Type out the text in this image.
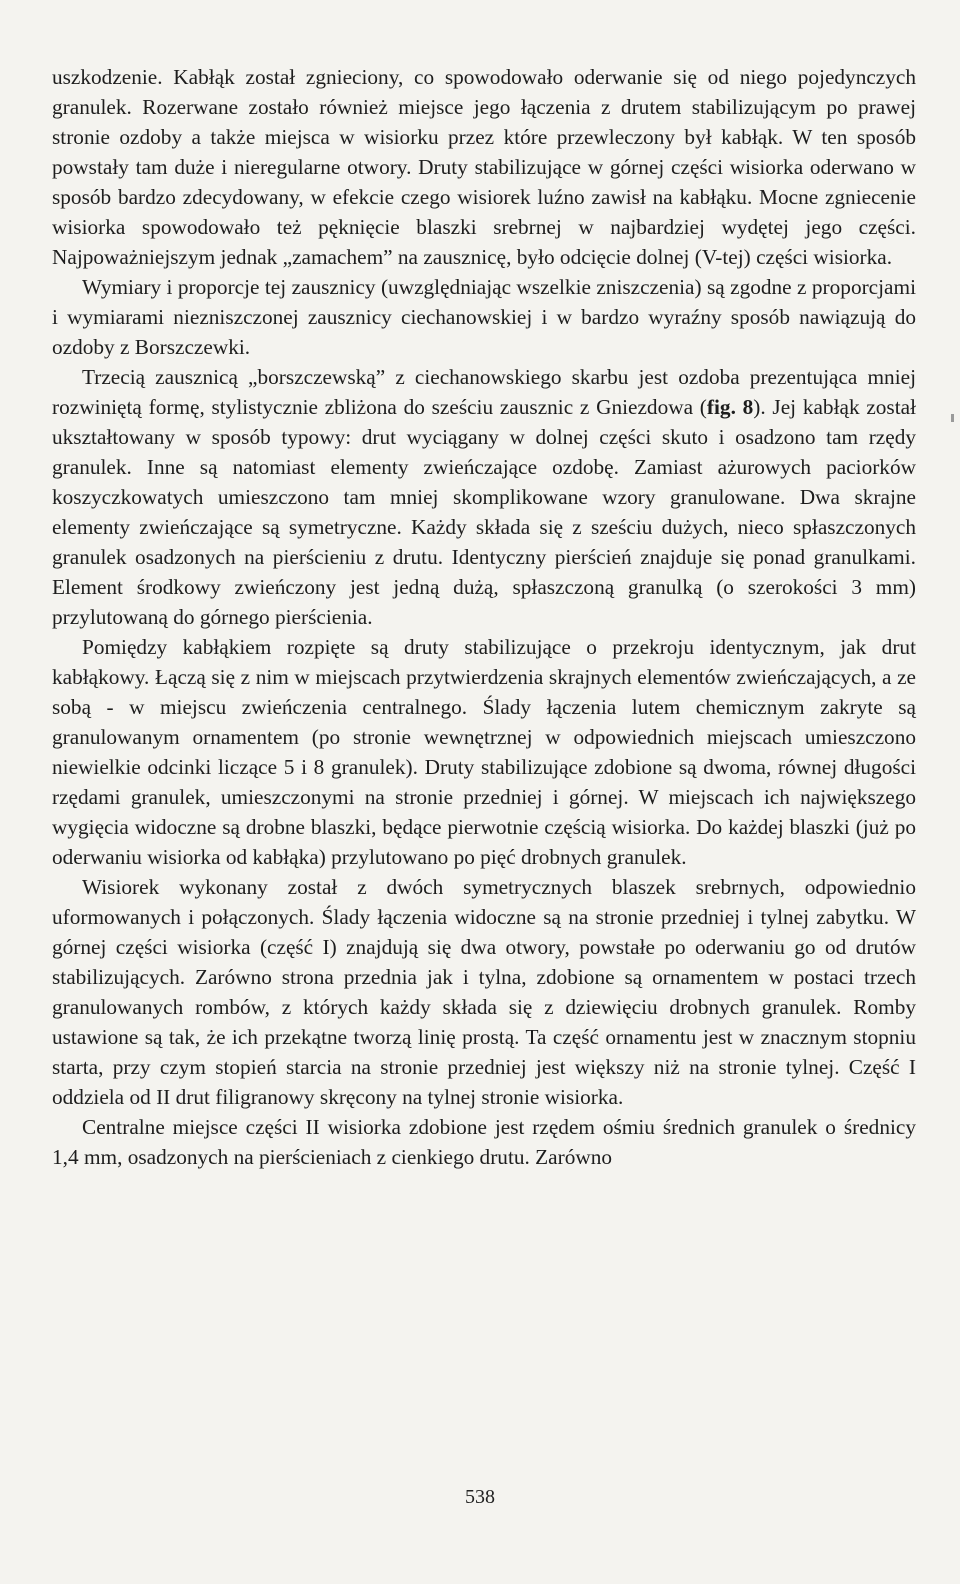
uszkodzenie. Kabłąk został zgnieciony, co spowodowało oderwanie się od niego pojedynczych granulek. Rozerwane zostało również miejsce jego łączenia z drutem stabilizującym po prawej stronie ozdoby a także miejsca w wisiorku przez które przewleczony był kabłąk. W ten sposób powstały tam duże i nieregularne otwory. Druty stabilizujące w górnej części wisiorka oderwano w sposób bardzo zdecydowany, w efekcie czego wisiorek luźno zawisł na kabłąku. Mocne zgniecenie wisiorka spowodowało też pęknięcie blaszki srebrnej w najbardziej wydętej jego części. Najpoważniejszym jednak „zamachem” na zausznicę, było odcięcie dolnej (V-tej) części wisiorka.

Wymiary i proporcje tej zausznicy (uwzględniając wszelkie zniszczenia) są zgodne z proporcjami i wymiarami niezniszczonej zausznicy ciechanowskiej i w bardzo wyraźny sposób nawiązują do ozdoby z Borszczewki.

Trzecią zausznicą „borszczewską” z ciechanowskiego skarbu jest ozdoba prezentująca mniej rozwiniętą formę, stylistycznie zbliżona do sześciu zausznic z Gniezdowa (fig. 8). Jej kabłąk został ukształtowany w sposób typowy: drut wyciągany w dolnej części skuto i osadzono tam rzędy granulek. Inne są natomiast elementy zwieńczające ozdobę. Zamiast ażurowych paciorków koszyczkowatych umieszczono tam mniej skomplikowane wzory granulowane. Dwa skrajne elementy zwieńczające są symetryczne. Każdy składa się z sześciu dużych, nieco spłaszczonych granulek osadzonych na pierścieniu z drutu. Identyczny pierścień znajduje się ponad granulkami. Element środkowy zwieńczony jest jedną dużą, spłaszczoną granulką (o szerokości 3 mm) przylutowaną do górnego pierścienia.

Pomiędzy kabłąkiem rozpięte są druty stabilizujące o przekroju identycznym, jak drut kabłąkowy. Łączą się z nim w miejscach przytwierdzenia skrajnych elementów zwieńczających, a ze sobą - w miejscu zwieńczenia centralnego. Ślady łączenia lutem chemicznym zakryte są granulowanym ornamentem (po stronie wewnętrznej w odpowiednich miejscach umieszczono niewielkie odcinki liczące 5 i 8 granulek). Druty stabilizujące zdobione są dwoma, równej długości rzędami granulek, umieszczonymi na stronie przedniej i górnej. W miejscach ich największego wygięcia widoczne są drobne blaszki, będące pierwotnie częścią wisiorka. Do każdej blaszki (już po oderwaniu wisiorka od kabłąka) przylutowano po pięć drobnych granulek.

Wisiorek wykonany został z dwóch symetrycznych blaszek srebrnych, odpowiednio uformowanych i połączonych. Ślady łączenia widoczne są na stronie przedniej i tylnej zabytku. W górnej części wisiorka (część I) znajdują się dwa otwory, powstałe po oderwaniu go od drutów stabilizujących. Zarówno strona przednia jak i tylna, zdobione są ornamentem w postaci trzech granulowanych rombów, z których każdy składa się z dziewięciu drobnych granulek. Romby ustawione są tak, że ich przekątne tworzą linię prostą. Ta część ornamentu jest w znacznym stopniu starta, przy czym stopień starcia na stronie przedniej jest większy niż na stronie tylnej. Część I oddziela od II drut filigranowy skręcony na tylnej stronie wisiorka.

Centralne miejsce części II wisiorka zdobione jest rzędem ośmiu średnich granulek o średnicy 1,4 mm, osadzonych na pierścieniach z cienkiego drutu. Zarówno

538
